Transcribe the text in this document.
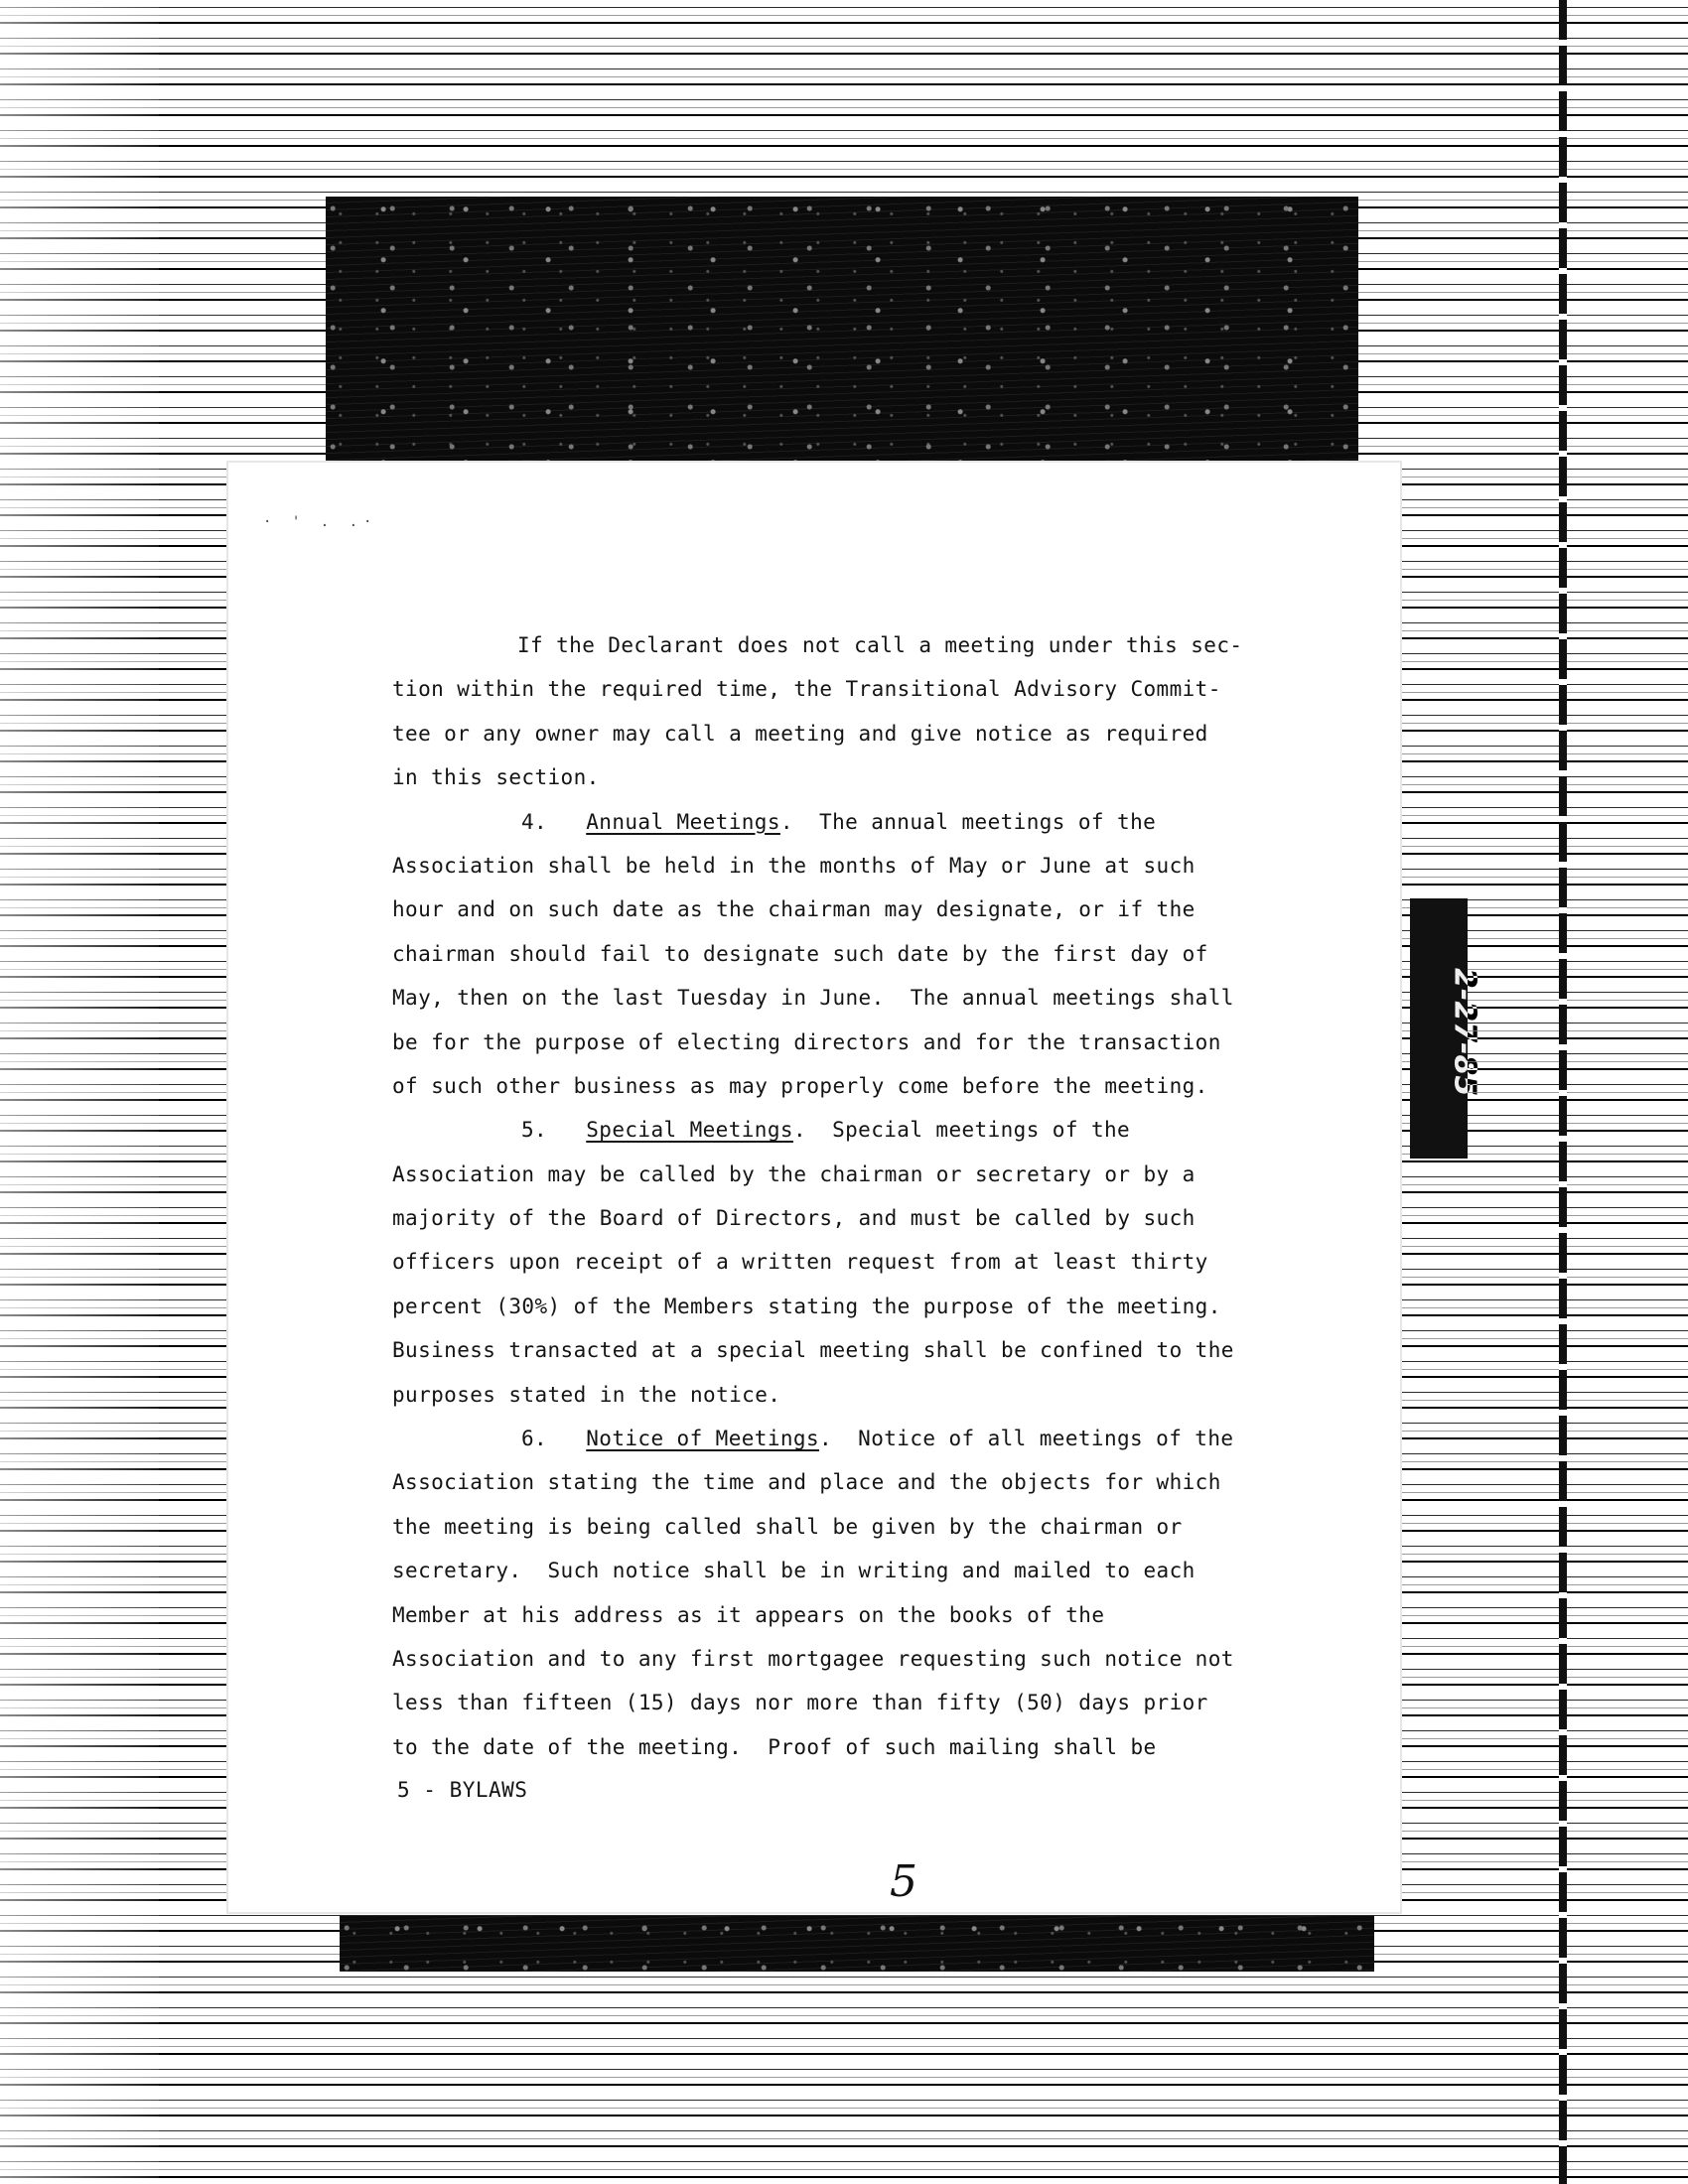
2-27-85
· ' . .·
If the Declarant does not call a meeting under this sec-
tion within the required time, the Transitional Advisory Commit-
tee or any owner may call a meeting and give notice as required
in this section.
4. Annual Meetings.  The annual meetings of the
Association shall be held in the months of May or June at such
hour and on such date as the chairman may designate, or if the
chairman should fail to designate such date by the first day of
May, then on the last Tuesday in June.  The annual meetings shall
be for the purpose of electing directors and for the transaction
of such other business as may properly come before the meeting.
5. Special Meetings.  Special meetings of the
Association may be called by the chairman or secretary or by a
majority of the Board of Directors, and must be called by such
officers upon receipt of a written request from at least thirty
percent (30%) of the Members stating the purpose of the meeting.
Business transacted at a special meeting shall be confined to the
purposes stated in the notice.
6. Notice of Meetings.  Notice of all meetings of the
Association stating the time and place and the objects for which
the meeting is being called shall be given by the chairman or
secretary.  Such notice shall be in writing and mailed to each
Member at his address as it appears on the books of the
Association and to any first mortgagee requesting such notice not
less than fifteen (15) days nor more than fifty (50) days prior
to the date of the meeting.  Proof of such mailing shall be
5 - BYLAWS
5
